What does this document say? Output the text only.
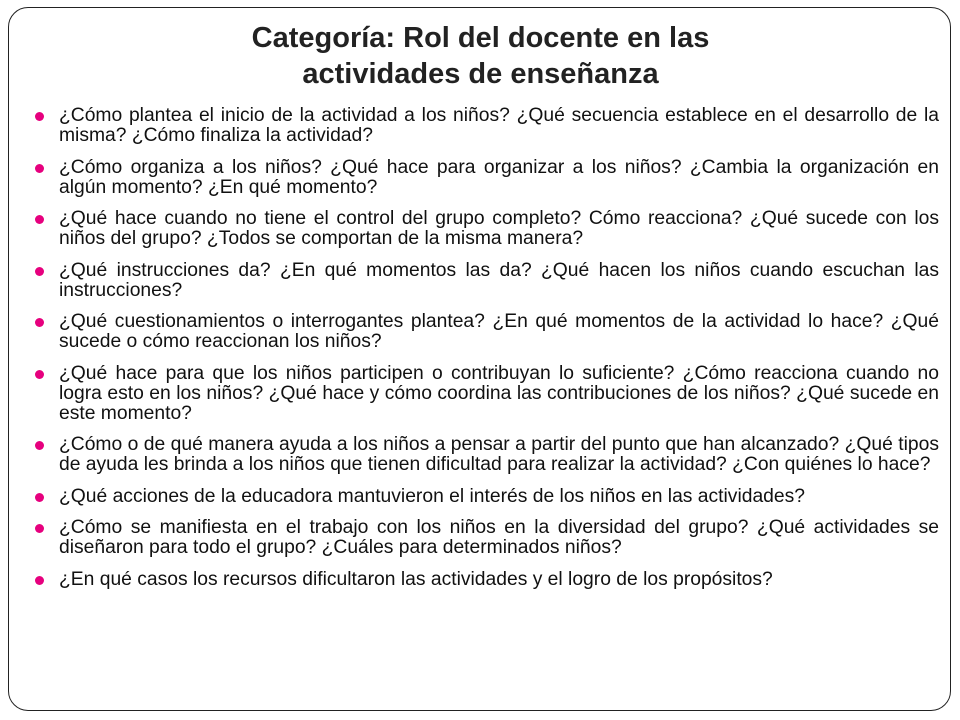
Categoría: Rol del docente en las
actividades de enseñanza
¿Cómo plantea el inicio de la actividad a los niños? ¿Qué secuencia establece en el desarrollo de la misma? ¿Cómo finaliza la actividad?
¿Cómo organiza a los niños? ¿Qué hace para organizar a los niños? ¿Cambia la organización en algún momento? ¿En qué momento?
¿Qué hace cuando no tiene el control del grupo completo? Cómo reacciona? ¿Qué sucede con los niños del grupo? ¿Todos se comportan de la misma manera?
¿Qué instrucciones da? ¿En qué momentos las da? ¿Qué hacen los niños cuando escuchan las instrucciones?
¿Qué cuestionamientos o interrogantes plantea? ¿En qué momentos de la actividad lo hace? ¿Qué sucede o cómo reaccionan los niños?
¿Qué hace para que los niños participen o contribuyan lo suficiente? ¿Cómo reacciona cuando no logra esto en los niños? ¿Qué hace y cómo coordina las contribuciones de los niños? ¿Qué sucede en este momento?
¿Cómo o de qué manera ayuda a los niños a pensar a partir del punto que han alcanzado? ¿Qué tipos de ayuda les brinda a los niños que tienen dificultad para realizar la actividad? ¿Con quiénes lo hace?
¿Qué acciones de la educadora mantuvieron el interés de los niños en las actividades?
¿Cómo se manifiesta en el trabajo con los niños en la diversidad del grupo? ¿Qué actividades se diseñaron para todo el grupo? ¿Cuáles para determinados niños?
¿En qué casos los recursos dificultaron las actividades y el logro de los propósitos?
